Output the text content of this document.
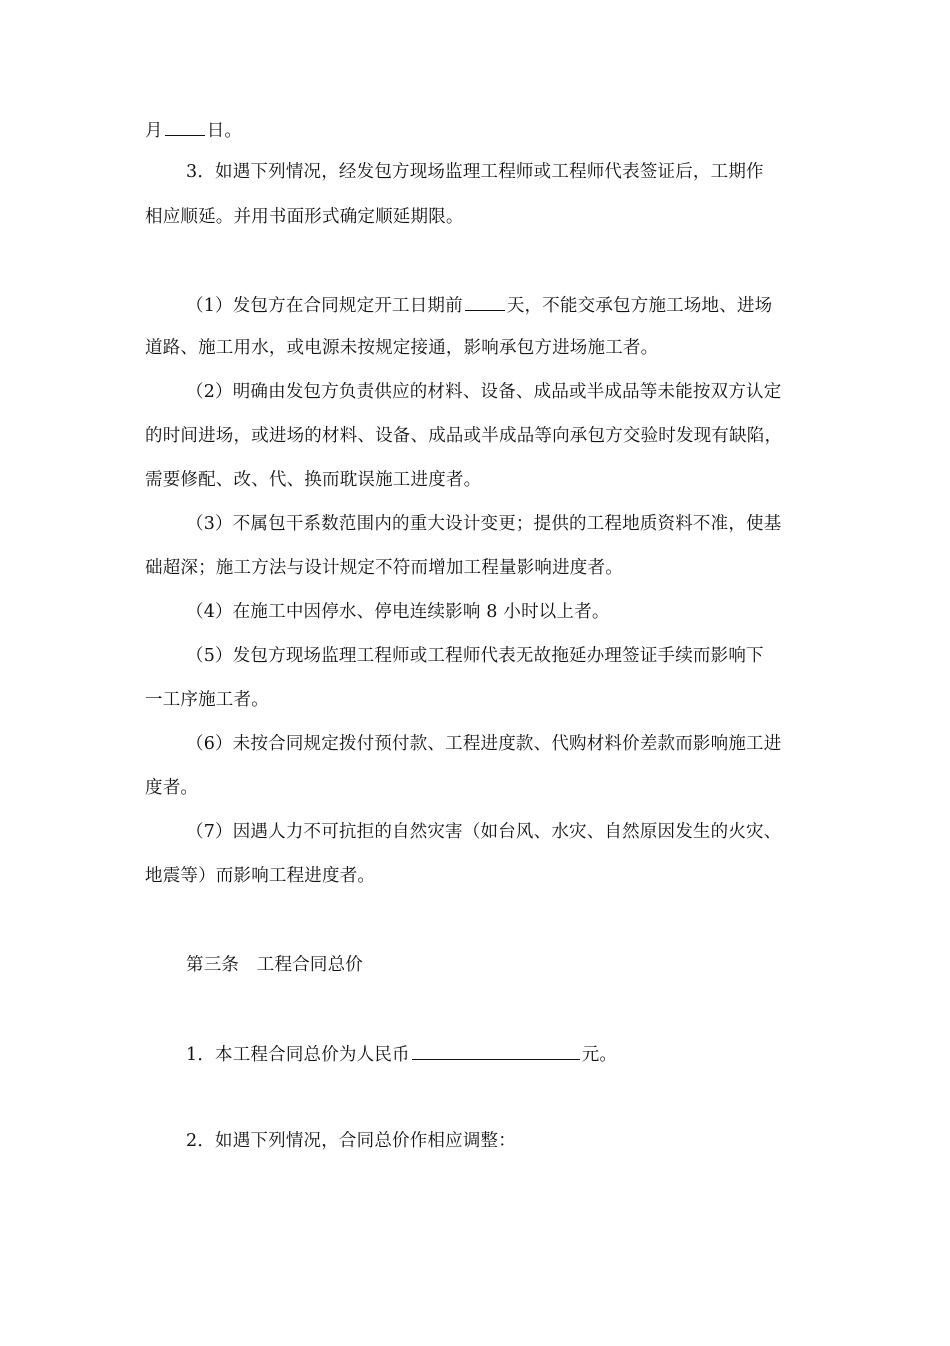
月	日。
3．如遇下列情况，经发包方现场监理工程师或工程师代表签证后，工期作
相应顺延。并用书面形式确定顺延期限。
（1）发包方在合同规定开工日期前	天，不能交承包方施工场地、进场
道路、施工用水，或电源未按规定接通，影响承包方进场施工者。
（2）明确由发包方负责供应的材料、设备、成品或半成品等未能按双方认定
的时间进场，或进场的材料、设备、成品或半成品等向承包方交验时发现有缺陷，
需要修配、改、代、换而耽误施工进度者。
（3）不属包干系数范围内的重大设计变更；提供的工程地质资料不准，使基
础超深；施工方法与设计规定不符而增加工程量影响进度者。
（4）在施工中因停水、停电连续影响 8 小时以上者。
（5）发包方现场监理工程师或工程师代表无故拖延办理签证手续而影响下
一工序施工者。
（6）未按合同规定拨付预付款、工程进度款、代购材料价差款而影响施工进
度者。
（7）因遇人力不可抗拒的自然灾害（如台风、水灾、自然原因发生的火灾、
地震等）而影响工程进度者。
第三条　工程合同总价
1．本工程合同总价为人民币	元。
2．如遇下列情况，合同总价作相应调整：
